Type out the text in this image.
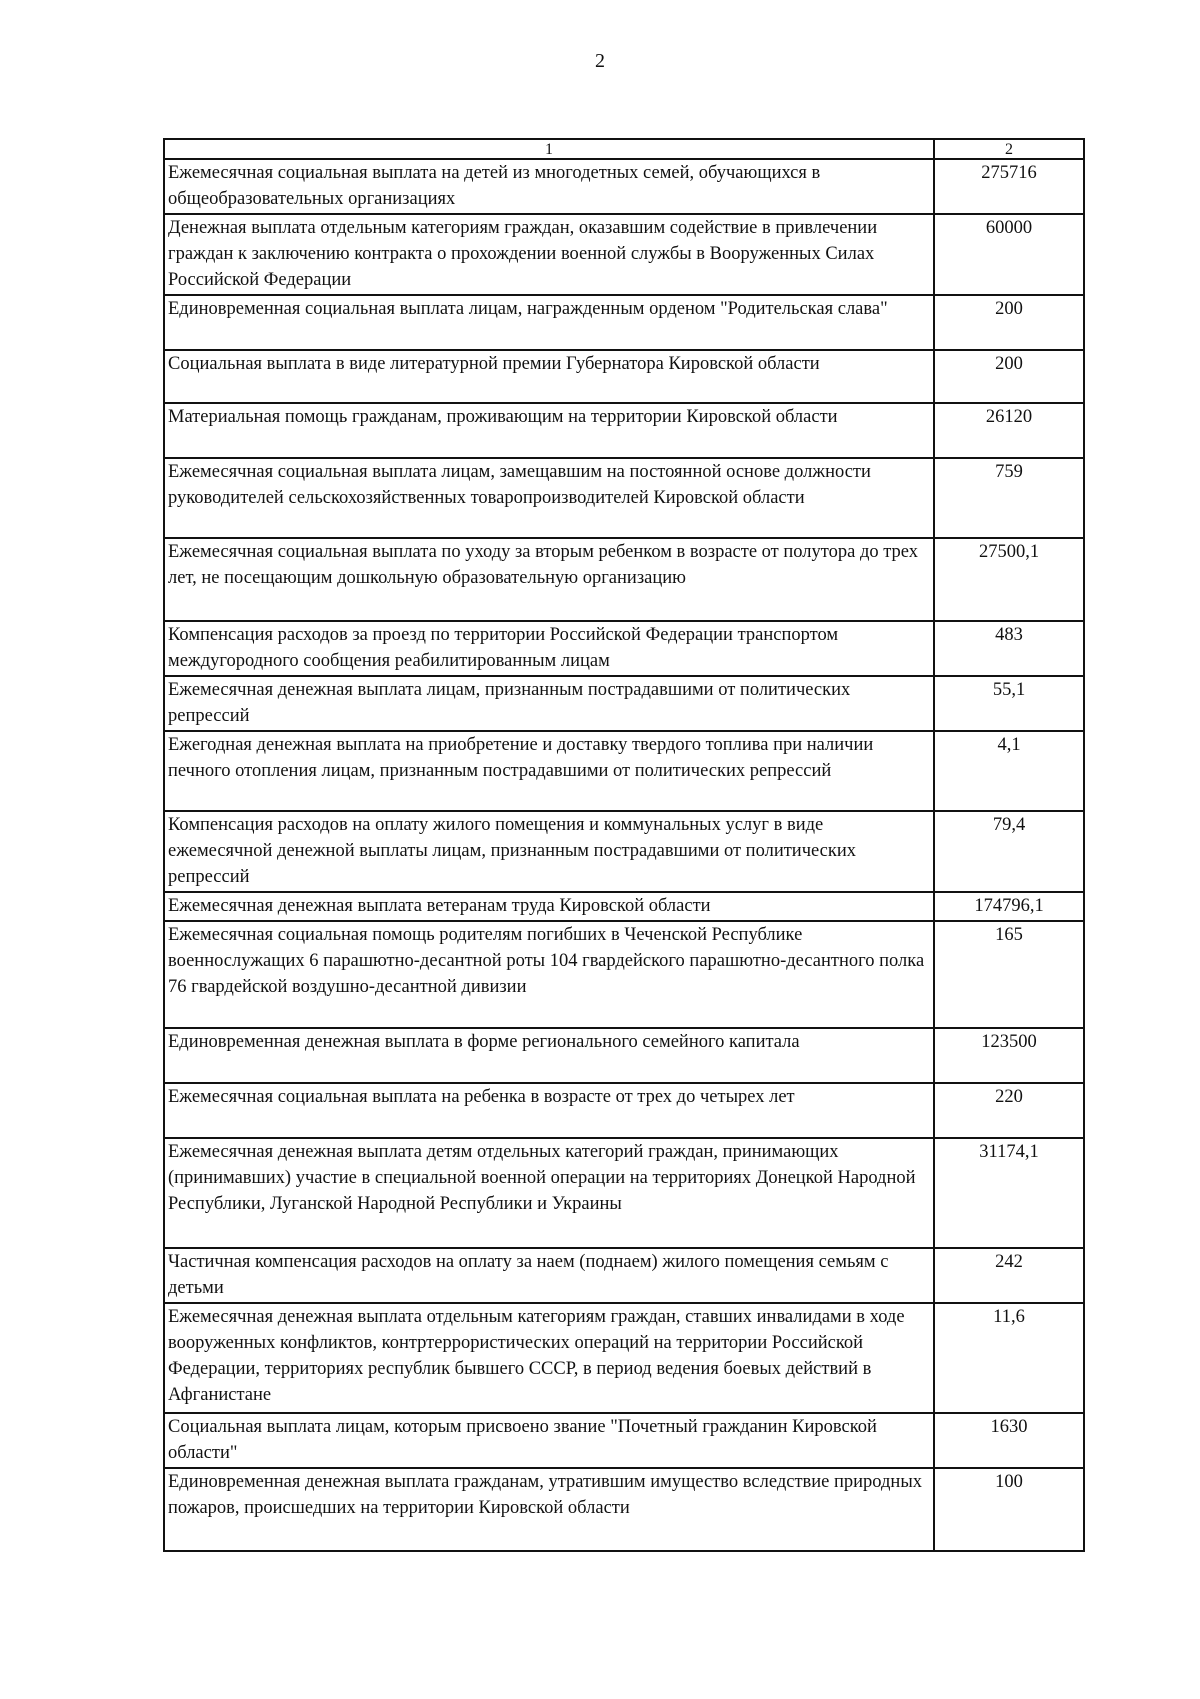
2
1	2
Ежемесячная социальная выплата на детей из многодетных семей, обучающихся в общеобразовательных организациях	275716
Денежная выплата отдельным категориям граждан, оказавшим содействие в привлечении граждан к заключению контракта о прохождении военной службы в Вооруженных Силах Российской Федерации	60000
Единовременная социальная выплата лицам, награжденным орденом "Родительская слава"	200
Социальная выплата в виде литературной премии Губернатора Кировской области	200
Материальная помощь гражданам, проживающим на территории Кировской области	26120
Ежемесячная социальная выплата лицам, замещавшим на постоянной основе должности руководителей сельскохозяйственных товаропроизводителей Кировской области	759
Ежемесячная социальная выплата по уходу за вторым ребенком в возрасте от полутора до трех лет, не посещающим дошкольную образовательную организацию	27500,1
Компенсация расходов за проезд по территории Российской Федерации транспортом междугородного сообщения реабилитированным лицам	483
Ежемесячная денежная выплата лицам, признанным пострадавшими от политических репрессий	55,1
Ежегодная денежная выплата на приобретение и доставку твердого топлива при наличии печного отопления лицам, признанным пострадавшими от политических репрессий	4,1
Компенсация расходов на оплату жилого помещения и коммунальных услуг в виде ежемесячной денежной выплаты лицам, признанным пострадавшими от политических репрессий	79,4
Ежемесячная денежная выплата ветеранам труда Кировской области	174796,1
Ежемесячная социальная помощь родителям погибших в Чеченской Республике военнослужащих 6 парашютно-десантной роты 104 гвардейского парашютно-десантного полка 76 гвардейской воздушно-десантной дивизии	165
Единовременная денежная выплата в форме регионального семейного капитала	123500
Ежемесячная социальная выплата на ребенка в возрасте от трех до четырех лет	220
Ежемесячная денежная выплата детям отдельных категорий граждан, принимающих (принимавших) участие в специальной военной операции на территориях Донецкой Народной Республики, Луганской Народной Республики и Украины	31174,1
Частичная компенсация расходов на оплату за наем (поднаем) жилого помещения семьям с детьми	242
Ежемесячная денежная выплата отдельным категориям граждан, ставших инвалидами в ходе вооруженных конфликтов, контртеррористических операций на территории Российской Федерации, территориях республик бывшего СССР, в период ведения боевых действий в Афганистане	11,6
Социальная выплата лицам, которым присвоено звание "Почетный гражданин Кировской области"	1630
Единовременная денежная выплата гражданам, утратившим имущество вследствие природных пожаров, происшедших на территории Кировской области	100
